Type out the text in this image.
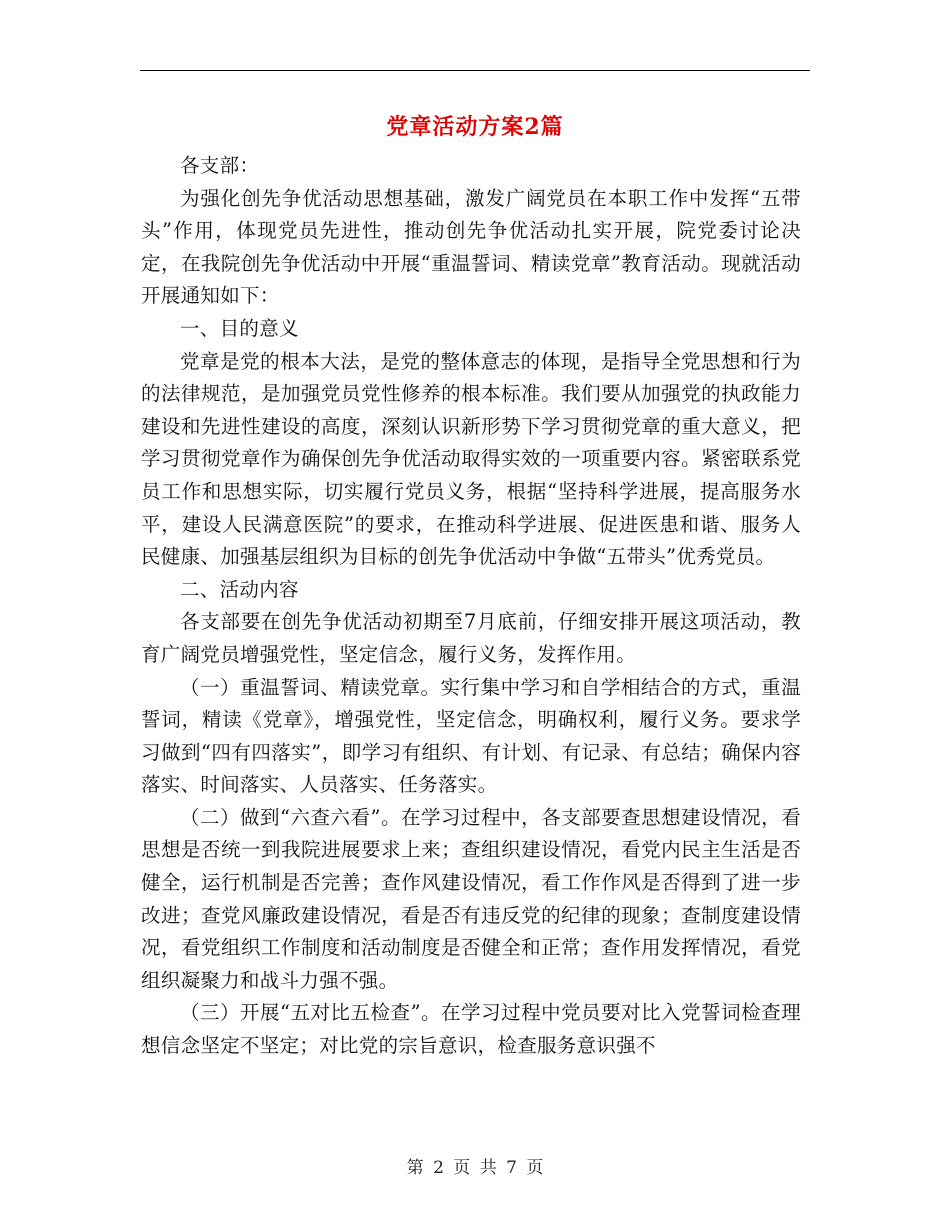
党章活动方案2篇

各支部：

为强化创先争优活动思想基础，激发广阔党员在本职工作中发挥“五带头”作用，体现党员先进性，推动创先争优活动扎实开展，院党委讨论决定，在我院创先争优活动中开展“重温誓词、精读党章”教育活动。现就活动开展通知如下：

一、目的意义

党章是党的根本大法，是党的整体意志的体现，是指导全党思想和行为的法律规范，是加强党员党性修养的根本标准。我们要从加强党的执政能力建设和先进性建设的高度，深刻认识新形势下学习贯彻党章的重大意义，把学习贯彻党章作为确保创先争优活动取得实效的一项重要内容。紧密联系党员工作和思想实际，切实履行党员义务，根据“坚持科学进展，提高服务水平，建设人民满意医院”的要求，在推动科学进展、促进医患和谐、服务人民健康、加强基层组织为目标的创先争优活动中争做“五带头”优秀党员。

二、活动内容

各支部要在创先争优活动初期至7月底前，仔细安排开展这项活动，教育广阔党员增强党性，坚定信念，履行义务，发挥作用。

（一）重温誓词、精读党章。实行集中学习和自学相结合的方式，重温誓词，精读《党章》，增强党性，坚定信念，明确权利，履行义务。要求学习做到“四有四落实”，即学习有组织、有计划、有记录、有总结；确保内容落实、时间落实、人员落实、任务落实。

（二）做到“六查六看”。在学习过程中，各支部要查思想建设情况，看思想是否统一到我院进展要求上来；查组织建设情况，看党内民主生活是否健全，运行机制是否完善；查作风建设情况，看工作作风是否得到了进一步改进；查党风廉政建设情况，看是否有违反党的纪律的现象；查制度建设情况，看党组织工作制度和活动制度是否健全和正常；查作用发挥情况，看党组织凝聚力和战斗力强不强。

（三）开展“五对比五检查”。在学习过程中党员要对比入党誓词检查理想信念坚定不坚定；对比党的宗旨意识，检查服务意识强不

第 2 页 共 7 页
